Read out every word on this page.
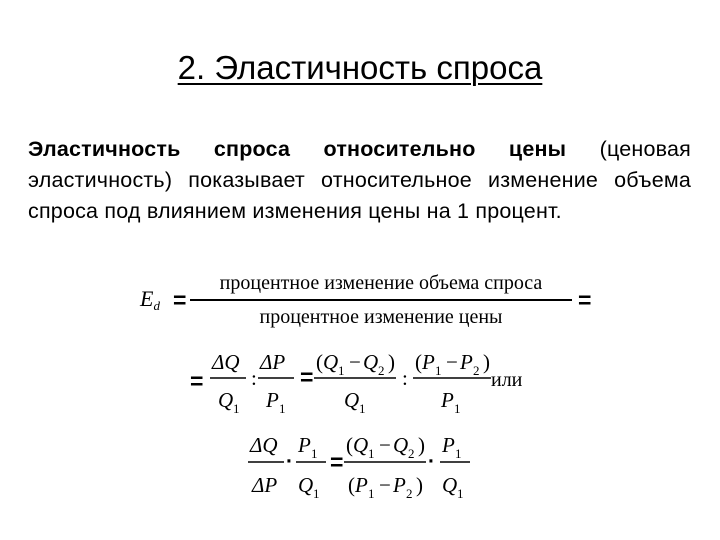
2. Эластичность спроса
Эластичность спроса относительно цены (ценовая эластичность) показывает относительное изменение объема спроса под влиянием изменения цены на 1 процент.
$E_d$ =
процентное изменение объема спроса
процентное изменение цены
=
=
ΔQ
Q 1
:
ΔP
P 1
=
( Q 1 − Q 2 )
Q 1
:
( P 1 − P 2 )
P 1
или
ΔQ
ΔP
·
P 1
Q 1
=
( Q 1 − Q 2 )
( P 1 − P 2 )
·
P 1
Q 1
